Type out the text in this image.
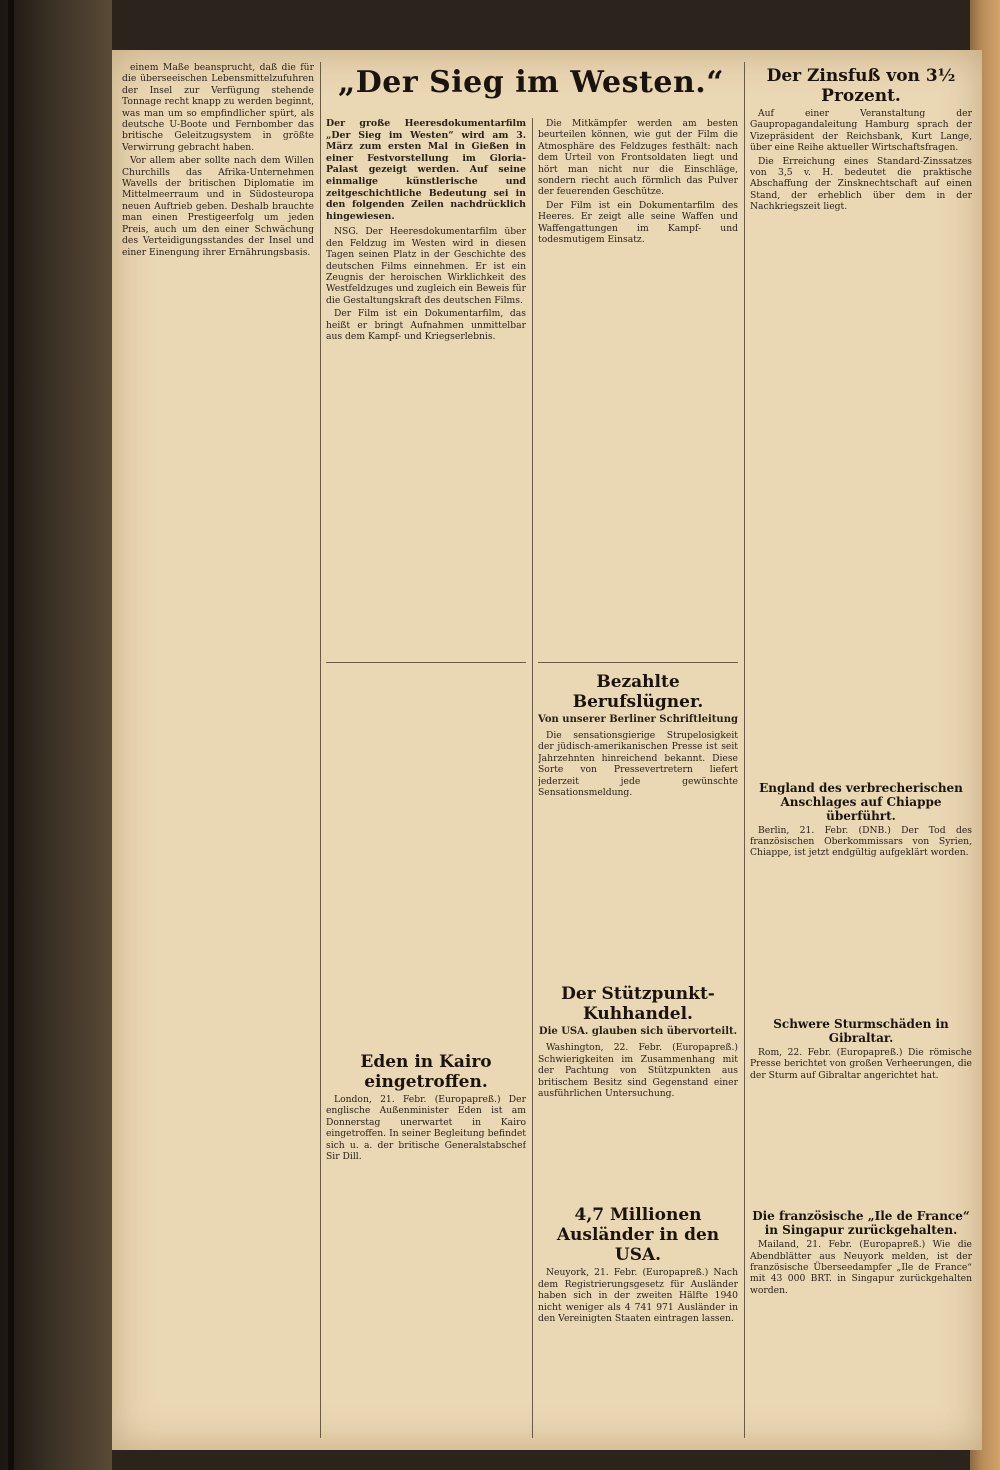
einem Maße beansprucht, daß die für die überseeischen Lebensmittelzufuhren der Insel zur Verfügung stehende Tonnage recht knapp zu werden beginnt, was man um so empfindlicher spürt, als deutsche U-Boote und Fernbomber das britische Geleitzugsystem in größte Verwirrung gebracht haben.

Vor allem aber sollte nach dem Willen Churchills das Afrika-Unternehmen Wavells der britischen Diplomatie im Mittelmeerraum und in Südosteuropa neuen Auftrieb geben. Deshalb brauchte man einen Prestigeerfolg um jeden Preis, auch um den einer Schwächung des Verteidigungsstandes der Insel und einer Einengung ihrer Ernährungsbasis.

„Der Sieg im Westen.“
Der große Heeresdokumentarfilm „Der Sieg im Westen“ wird am 3. März zum ersten Mal in Gießen in einer Festvorstellung im Gloria-Palast gezeigt werden. Auf seine einmalige künstlerische und zeitgeschichtliche Bedeutung sei in den folgenden Zeilen nachdrücklich hingewiesen.

NSG. Der Heeresdokumentarfilm über den Feldzug im Westen wird in diesen Tagen seinen Platz in der Geschichte des deutschen Films einnehmen. Er ist ein Zeugnis der heroischen Wirklichkeit des Westfeldzuges und zugleich ein Beweis für die Gestaltungskraft des deutschen Films.

Der Film ist ein Dokumentarfilm, das heißt er bringt Aufnahmen unmittelbar aus dem Kampf- und Kriegserlebnis.

Eden in Kairo eingetroffen.

London, 21. Febr. (Europapreß.) Der englische Außenminister Eden ist am Donnerstag unerwartet in Kairo eingetroffen. In seiner Begleitung befindet sich u. a. der britische Generalstabschef Sir Dill.

Die Mitkämpfer werden am besten beurteilen können, wie gut der Film die Atmosphäre des Feldzuges festhält: nach dem Urteil von Frontsoldaten liegt und hört man nicht nur die Einschläge, sondern riecht auch förmlich das Pulver der feuerenden Geschütze.

Der Film ist ein Dokumentarfilm des Heeres. Er zeigt alle seine Waffen und Waffengattungen im Kampf- und todesmutigem Einsatz.

Bezahlte Berufslügner.
Von unserer Berliner Schriftleitung

Die sensationsgierige Strupelosigkeit der jüdisch-amerikanischen Presse ist seit Jahrzehnten hinreichend bekannt. Diese Sorte von Pressevertretern liefert jederzeit jede gewünschte Sensationsmeldung.

Der Stützpunkt-Kuhhandel.
Die USA. glauben sich übervorteilt.

Washington, 22. Febr. (Europapreß.) Schwierigkeiten im Zusammenhang mit der Pachtung von Stützpunkten aus britischem Besitz sind Gegenstand einer ausführlichen Untersuchung.

4,7 Millionen Ausländer in den USA.

Neuyork, 21. Febr. (Europapreß.) Nach dem Registrierungsgesetz für Ausländer haben sich in der zweiten Hälfte 1940 nicht weniger als 4 741 971 Ausländer in den Vereinigten Staaten eintragen lassen.

Der Zinsfuß von 3½ Prozent.

Auf einer Veranstaltung der Gaupropagandaleitung Hamburg sprach der Vizepräsident der Reichsbank, Kurt Lange, über eine Reihe aktueller Wirtschaftsfragen.

Die Erreichung eines Standard-Zinssatzes von 3,5 v. H. bedeutet die praktische Abschaffung der Zinsknechtschaft auf einen Stand, der erheblich über dem in der Nachkriegszeit liegt.

England des verbrecherischen Anschlages auf Chiappe überführt.

Berlin, 21. Febr. (DNB.) Der Tod des französischen Oberkommissars von Syrien, Chiappe, ist jetzt endgültig aufgeklärt worden.

Schwere Sturmschäden in Gibraltar.

Rom, 22. Febr. (Europapreß.) Die römische Presse berichtet von großen Verheerungen, die der Sturm auf Gibraltar angerichtet hat.

Die französische „Ile de France“ in Singapur zurückgehalten.

Mailand, 21. Febr. (Europapreß.) Wie die Abendblätter aus Neuyork melden, ist der französische Überseedampfer „Ile de France“ mit 43 000 BRT. in Singapur zurückgehalten worden.
